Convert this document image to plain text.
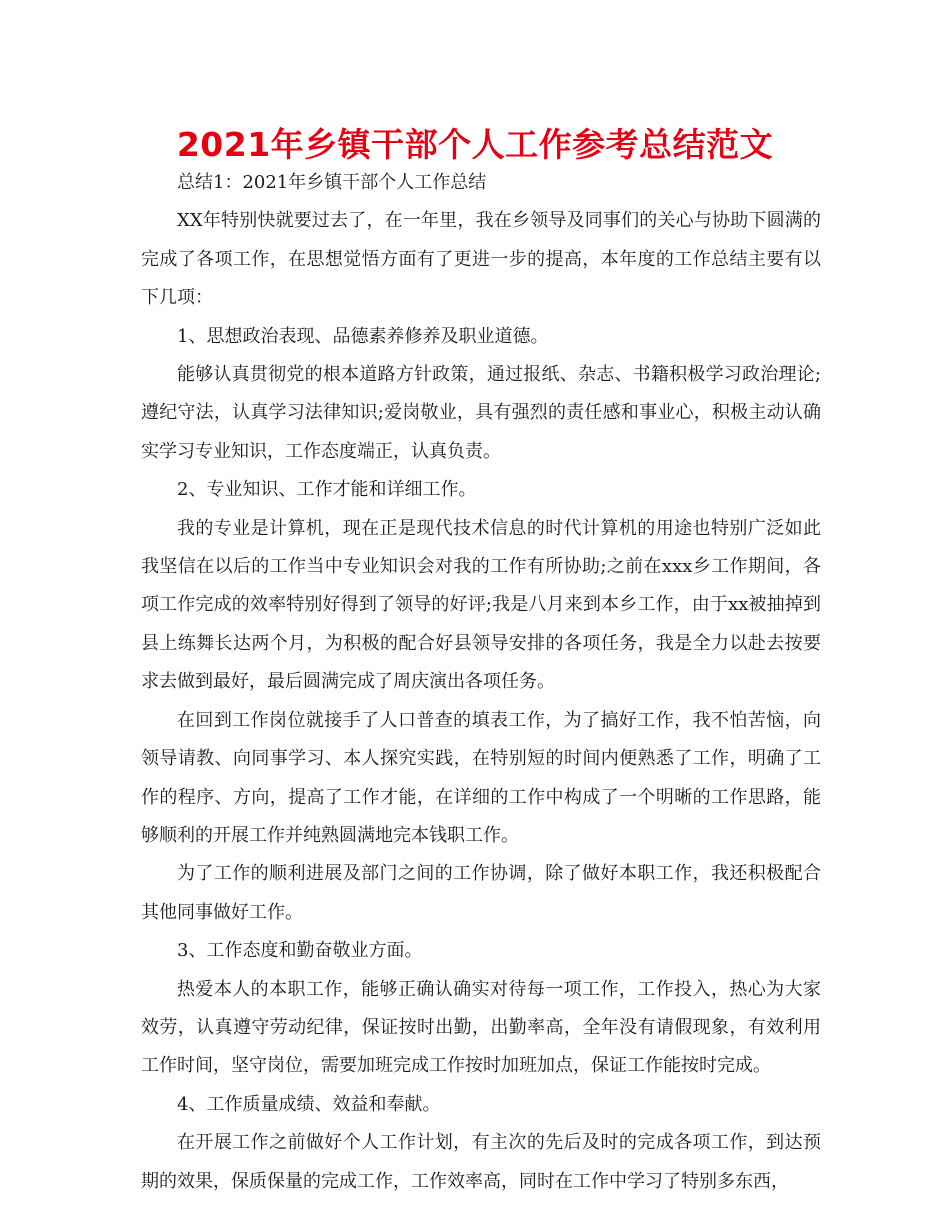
2021年乡镇干部个人工作参考总结范文

总结1：2021年乡镇干部个人工作总结

XX年特别快就要过去了，在一年里，我在乡领导及同事们的关心与协助下圆满的完成了各项工作，在思想觉悟方面有了更进一步的提高，本年度的工作总结主要有以下几项：

1、思想政治表现、品德素养修养及职业道德。

能够认真贯彻党的根本道路方针政策，通过报纸、杂志、书籍积极学习政治理论;遵纪守法，认真学习法律知识;爱岗敬业，具有强烈的责任感和事业心，积极主动认确实学习专业知识，工作态度端正，认真负责。

2、专业知识、工作才能和详细工作。

我的专业是计算机，现在正是现代技术信息的时代计算机的用途也特别广泛如此我坚信在以后的工作当中专业知识会对我的工作有所协助;之前在xxx乡工作期间，各项工作完成的效率特别好得到了领导的好评;我是八月来到本乡工作，由于xx被抽掉到县上练舞长达两个月，为积极的配合好县领导安排的各项任务，我是全力以赴去按要求去做到最好，最后圆满完成了周庆演出各项任务。

在回到工作岗位就接手了人口普查的填表工作，为了搞好工作，我不怕苦恼，向领导请教、向同事学习、本人探究实践，在特别短的时间内便熟悉了工作，明确了工作的程序、方向，提高了工作才能，在详细的工作中构成了一个明晰的工作思路，能够顺利的开展工作并纯熟圆满地完本钱职工作。

为了工作的顺利进展及部门之间的工作协调，除了做好本职工作，我还积极配合其他同事做好工作。

3、工作态度和勤奋敬业方面。

热爱本人的本职工作，能够正确认确实对待每一项工作，工作投入，热心为大家效劳，认真遵守劳动纪律，保证按时出勤，出勤率高，全年没有请假现象，有效利用工作时间，坚守岗位，需要加班完成工作按时加班加点，保证工作能按时完成。

4、工作质量成绩、效益和奉献。

在开展工作之前做好个人工作计划，有主次的先后及时的完成各项工作，到达预期的效果，保质保量的完成工作，工作效率高，同时在工作中学习了特别多东西，
